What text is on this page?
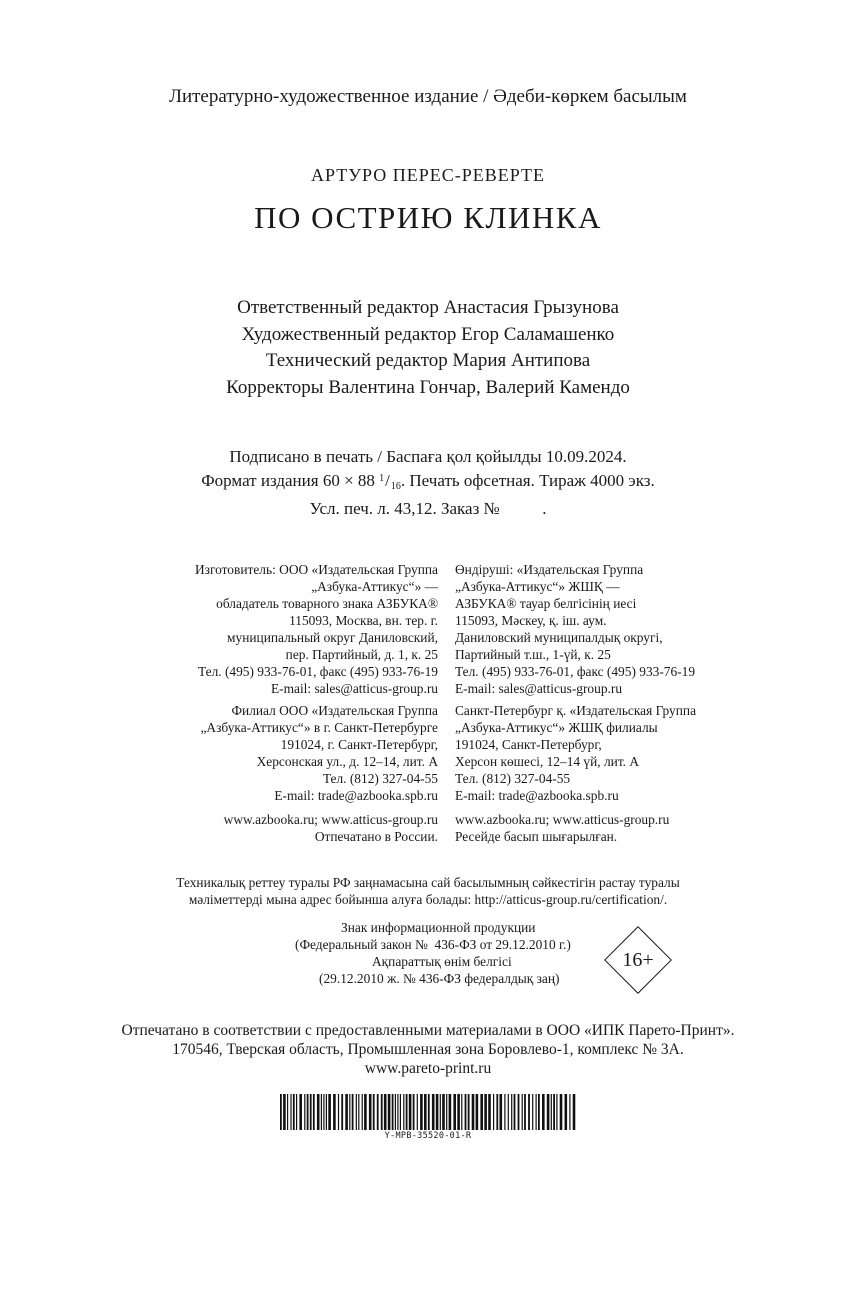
Литературно-художественное издание / Әдеби-көркем басылым
АРТУРО ПЕРЕС-РЕВЕРТЕ
ПО ОСТРИЮ КЛИНКА
Ответственный редактор Анастасия Грызунова
Художественный редактор Егор Саламашенко
Технический редактор Мария Антипова
Корректоры Валентина Гончар, Валерий Камендо
Подписано в печать / Баспаға қол қойылды 10.09.2024.
Формат издания 60 × 88 $^1/_{16}$. Печать офсетная. Тираж 4000 экз.
Усл. печ. л. 43,12. Заказ №          .

Изготовитель: ООО «Издательская Группа

„Азбука-Аттикус“» —

обладатель товарного знака АЗБУКА®

115093, Москва, вн. тер. г.

муниципальный округ Даниловский,

пер. Партийный, д. 1, к. 25

Тел. (495) 933-76-01, факс (495) 933-76-19

E-mail: sales@atticus-group.ru

Филиал ООО «Издательская Группа

„Азбука-Аттикус“» в г. Санкт-Петербурге

191024, г. Санкт-Петербург,

Херсонская ул., д. 12–14, лит. А

Тел. (812) 327-04-55

E-mail: trade@azbooka.spb.ru

www.azbooka.ru; www.atticus-group.ru

Отпечатано в России.

Өндіруші: «Издательская Группа

„Азбука-Аттикус“» ЖШҚ —

АЗБУКА® тауар белгісінің иесі

115093, Мәскеу, қ. іш. аум.

Даниловский муниципалдық округі,

Партийный т.ш., 1-үй, к. 25

Тел. (495) 933-76-01, факс (495) 933-76-19

E-mail: sales@atticus-group.ru

Санкт-Петербург қ. «Издательская Группа

„Азбука-Аттикус“» ЖШҚ филиалы

191024, Санкт-Петербург,

Херсон көшесі, 12–14 үй, лит. А

Тел. (812) 327-04-55

E-mail: trade@azbooka.spb.ru

www.azbooka.ru; www.atticus-group.ru

Ресейде басып шығарылған.

Техникалық реттеу туралы РФ заңнамасына сай басылымның сәйкестігін растау туралы
мәліметтерді мына адрес бойынша алуға болады: http://atticus-group.ru/certification/.

Знак информационной продукции

(Федеральный закон №  436-ФЗ от 29.12.2010 г.)

Ақпараттық өнім белгісі

(29.12.2010 ж. № 436-ФЗ федералдық заң)

16+
Отпечатано в соответствии с предоставленными материалами в ООО «ИПК Парето-Принт».
170546, Тверская область, Промышленная зона Боровлево-1, комплекс № 3А.
www.pareto-print.ru
Y-MPB-35520-01-R
